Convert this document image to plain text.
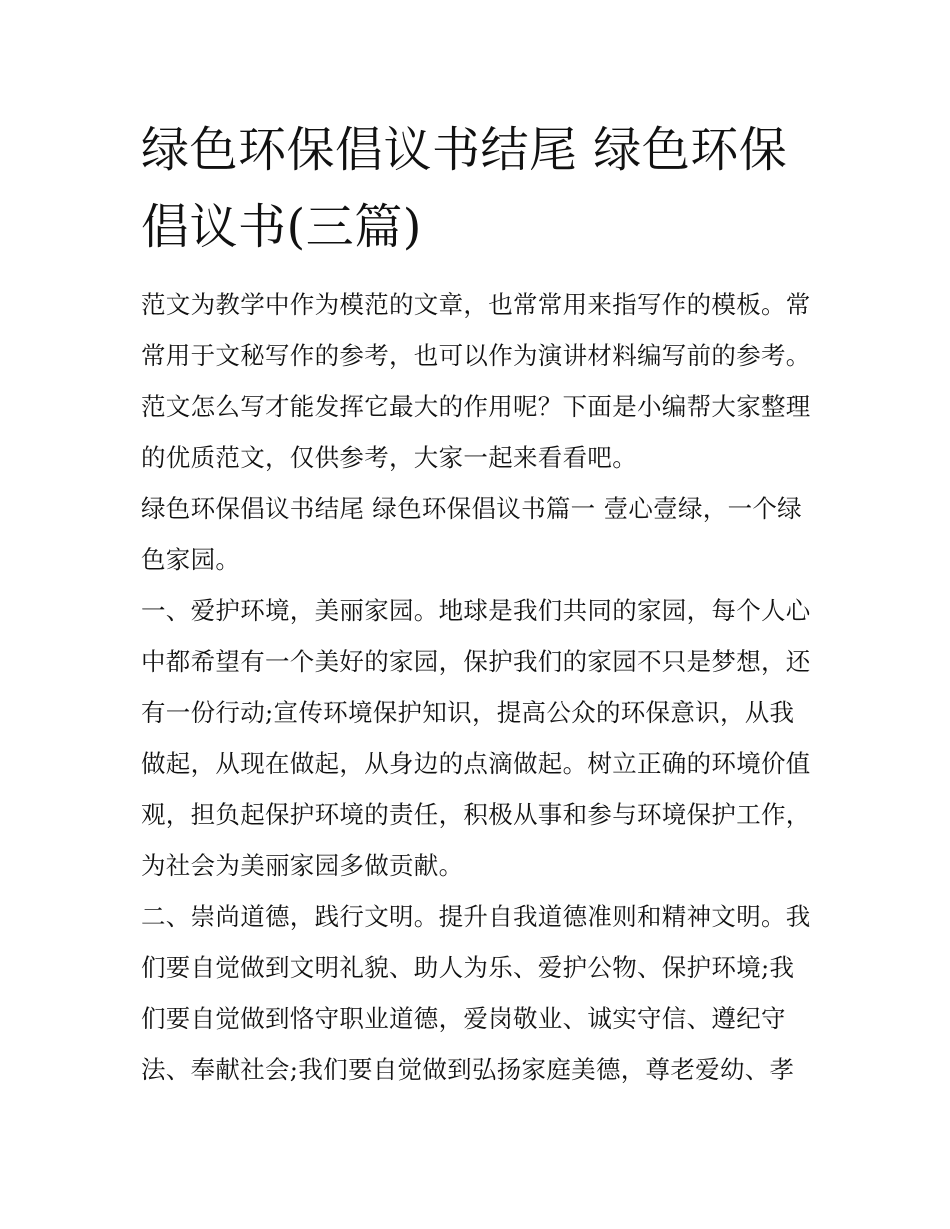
绿色环保倡议书结尾 绿色环保
倡议书(三篇)

范文为教学中作为模范的文章，也常常用来指写作的模板。常
常用于文秘写作的参考，也可以作为演讲材料编写前的参考。
范文怎么写才能发挥它最大的作用呢？下面是小编帮大家整理
的优质范文，仅供参考，大家一起来看看吧。

绿色环保倡议书结尾 绿色环保倡议书篇一 壹心壹绿，一个绿
色家园。

一、爱护环境，美丽家园。地球是我们共同的家园，每个人心
中都希望有一个美好的家园，保护我们的家园不只是梦想，还
有一份行动;宣传环境保护知识，提高公众的环保意识，从我
做起，从现在做起，从身边的点滴做起。树立正确的环境价值
观，担负起保护环境的责任，积极从事和参与环境保护工作，
为社会为美丽家园多做贡献。

二、崇尚道德，践行文明。提升自我道德准则和精神文明。我
们要自觉做到文明礼貌、助人为乐、爱护公物、保护环境;我
们要自觉做到恪守职业道德，爱岗敬业、诚实守信、遵纪守
法、奉献社会;我们要自觉做到弘扬家庭美德，尊老爱幼、孝
